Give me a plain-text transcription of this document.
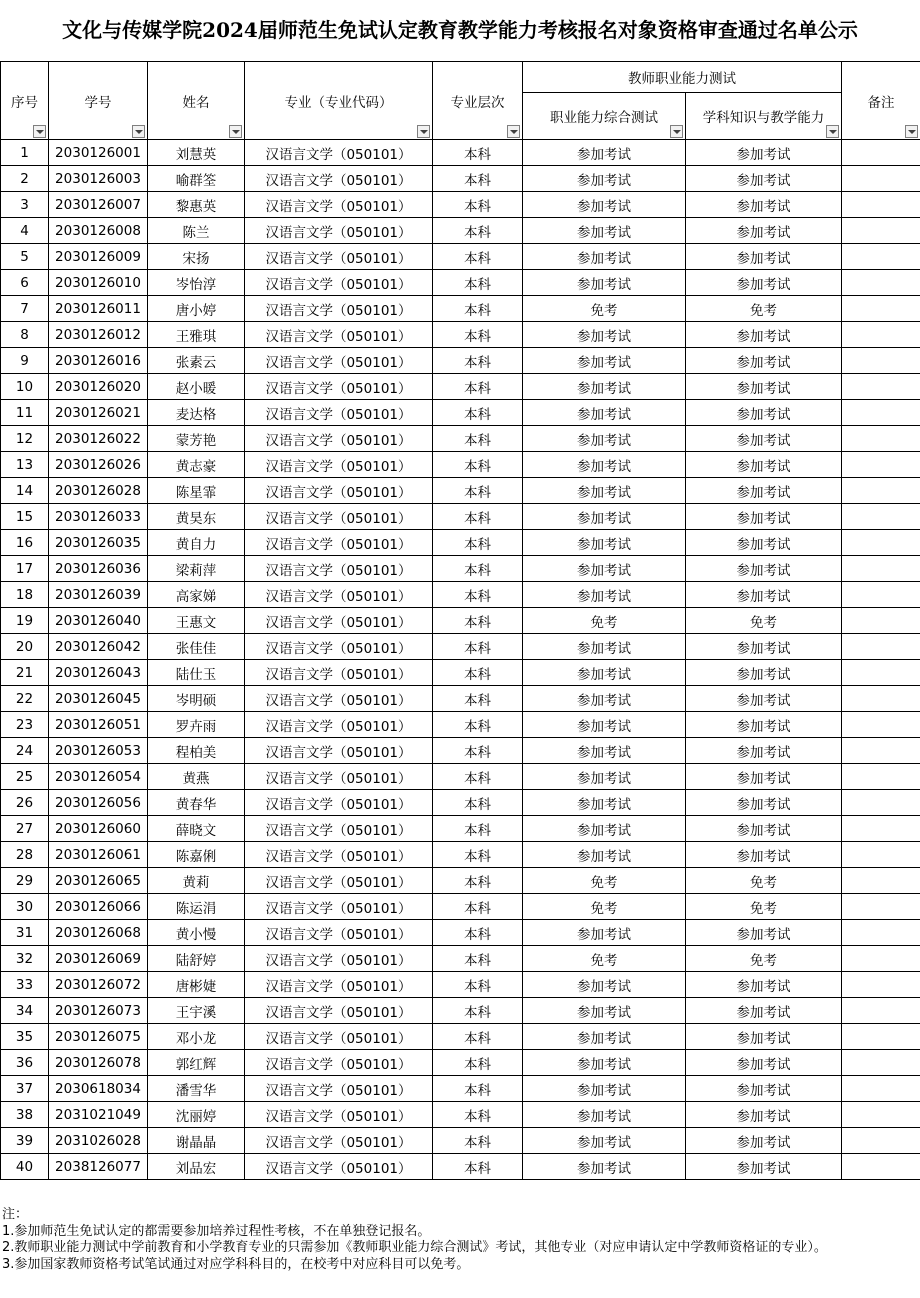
文化与传媒学院2024届师范生免试认定教育教学能力考核报名对象资格审查通过名单公示
序号	学号	姓名	专业（专业代码）	专业层次	教师职业能力测试		备注

					职业能力综合测试	学科知识与教学能力	

1	2030126001	刘慧英	汉语言文学（050101）	本科	参加考试	参加考试	
2	2030126003	喻群筌	汉语言文学（050101）	本科	参加考试	参加考试	
3	2030126007	黎惠英	汉语言文学（050101）	本科	参加考试	参加考试	
4	2030126008	陈兰	汉语言文学（050101）	本科	参加考试	参加考试	
5	2030126009	宋扬	汉语言文学（050101）	本科	参加考试	参加考试	
6	2030126010	岑怡淳	汉语言文学（050101）	本科	参加考试	参加考试	
7	2030126011	唐小婷	汉语言文学（050101）	本科	免考	免考	
8	2030126012	王雅琪	汉语言文学（050101）	本科	参加考试	参加考试	
9	2030126016	张素云	汉语言文学（050101）	本科	参加考试	参加考试	
10	2030126020	赵小暖	汉语言文学（050101）	本科	参加考试	参加考试	
11	2030126021	麦达格	汉语言文学（050101）	本科	参加考试	参加考试	
12	2030126022	蒙芳艳	汉语言文学（050101）	本科	参加考试	参加考试	
13	2030126026	黄志豪	汉语言文学（050101）	本科	参加考试	参加考试	
14	2030126028	陈星霏	汉语言文学（050101）	本科	参加考试	参加考试	
15	2030126033	黄昊东	汉语言文学（050101）	本科	参加考试	参加考试	
16	2030126035	黄自力	汉语言文学（050101）	本科	参加考试	参加考试	
17	2030126036	梁莉萍	汉语言文学（050101）	本科	参加考试	参加考试	
18	2030126039	高家娣	汉语言文学（050101）	本科	参加考试	参加考试	
19	2030126040	王惠文	汉语言文学（050101）	本科	免考	免考	
20	2030126042	张佳佳	汉语言文学（050101）	本科	参加考试	参加考试	
21	2030126043	陆仕玉	汉语言文学（050101）	本科	参加考试	参加考试	
22	2030126045	岑明硕	汉语言文学（050101）	本科	参加考试	参加考试	
23	2030126051	罗卉雨	汉语言文学（050101）	本科	参加考试	参加考试	
24	2030126053	程柏美	汉语言文学（050101）	本科	参加考试	参加考试	
25	2030126054	黄燕	汉语言文学（050101）	本科	参加考试	参加考试	
26	2030126056	黄春华	汉语言文学（050101）	本科	参加考试	参加考试	
27	2030126060	薛晓文	汉语言文学（050101）	本科	参加考试	参加考试	
28	2030126061	陈嘉俐	汉语言文学（050101）	本科	参加考试	参加考试	
29	2030126065	黄莉	汉语言文学（050101）	本科	免考	免考	
30	2030126066	陈运涓	汉语言文学（050101）	本科	免考	免考	
31	2030126068	黄小慢	汉语言文学（050101）	本科	参加考试	参加考试	
32	2030126069	陆舒婷	汉语言文学（050101）	本科	免考	免考	
33	2030126072	唐彬婕	汉语言文学（050101）	本科	参加考试	参加考试	
34	2030126073	王宇溪	汉语言文学（050101）	本科	参加考试	参加考试	
35	2030126075	邓小龙	汉语言文学（050101）	本科	参加考试	参加考试	
36	2030126078	郭红辉	汉语言文学（050101）	本科	参加考试	参加考试	
37	2030618034	潘雪华	汉语言文学（050101）	本科	参加考试	参加考试	
38	2031021049	沈丽婷	汉语言文学（050101）	本科	参加考试	参加考试	
39	2031026028	谢晶晶	汉语言文学（050101）	本科	参加考试	参加考试	
40	2038126077	刘品宏	汉语言文学（050101）	本科	参加考试	参加考试	
注：
1.参加师范生免试认定的都需要参加培养过程性考核，不在单独登记报名。
2.教师职业能力测试中学前教育和小学教育专业的只需参加《教师职业能力综合测试》考试，其他专业（对应申请认定中学教师资格证的专业）。
3.参加国家教师资格考试笔试通过对应学科科目的，在校考中对应科目可以免考。
